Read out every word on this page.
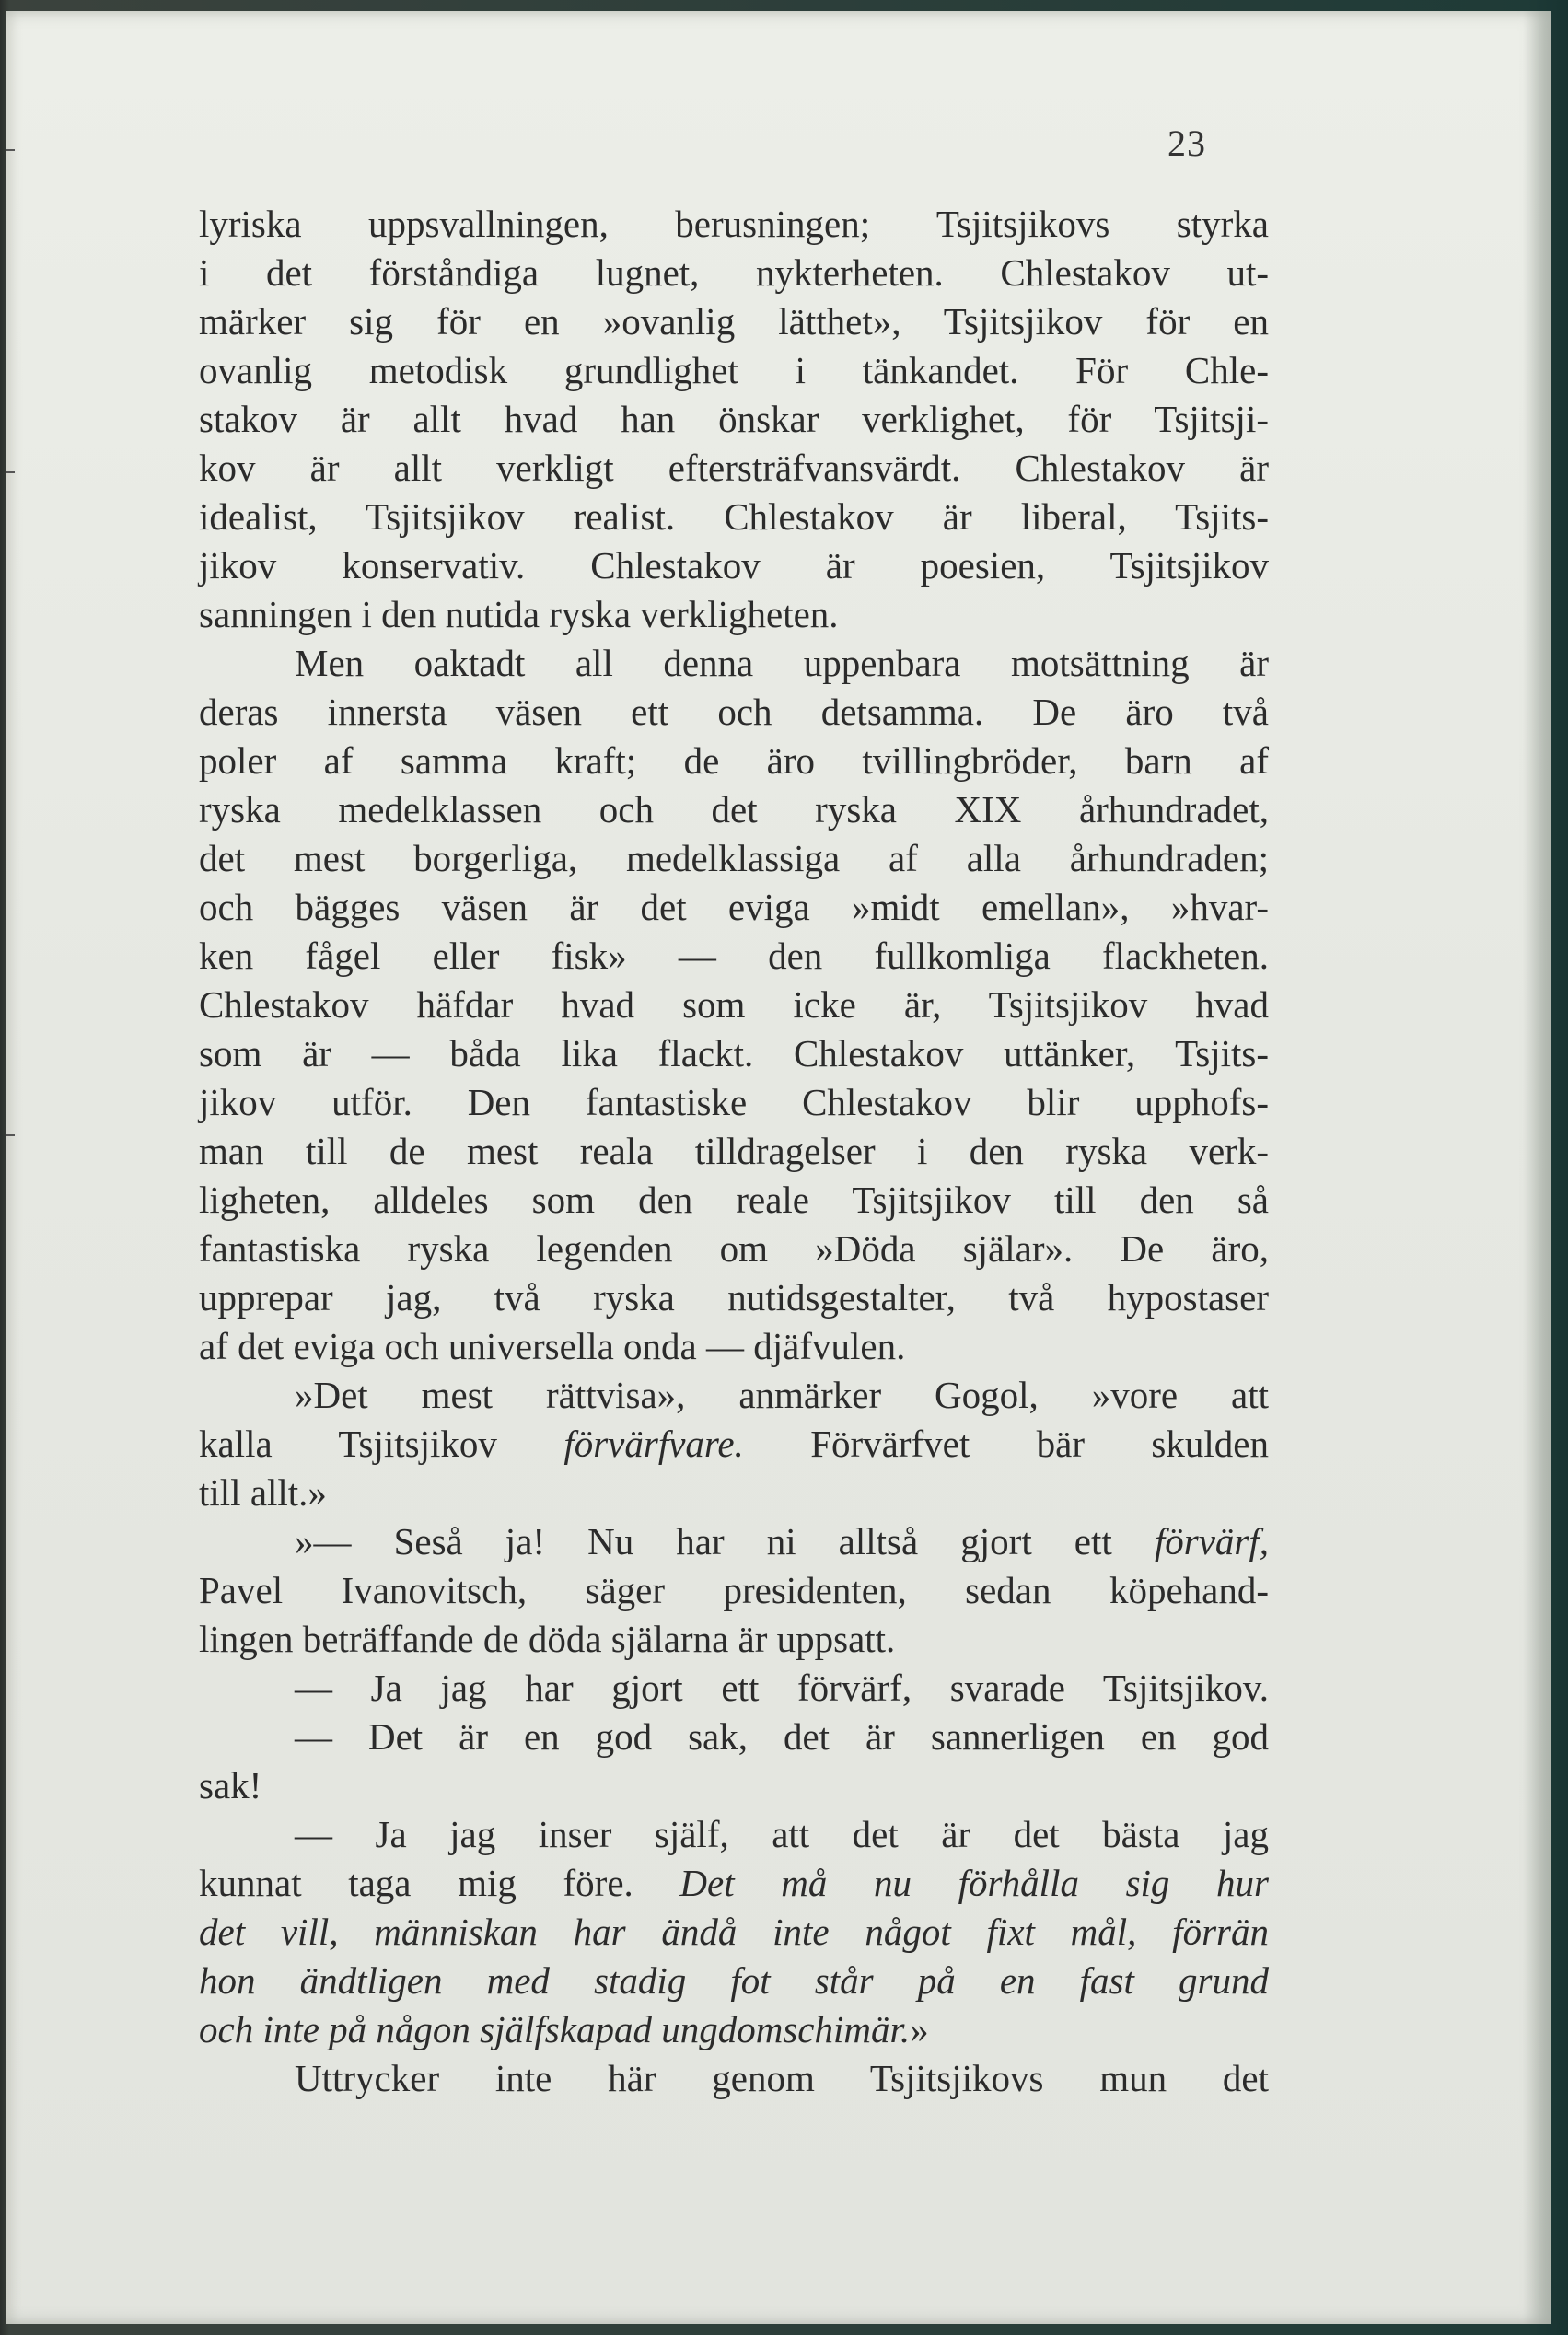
23
lyriska uppsvallningen, berusningen; Tsjitsjikovs styrka
i det förståndiga lugnet, nykterheten. Chlestakov ut-
märker sig för en »ovanlig lätthet», Tsjitsjikov för en
ovanlig metodisk grundlighet i tänkandet. För Chle-
stakov är allt hvad han önskar verklighet, för Tsjitsji-
kov är allt verkligt eftersträfvansvärdt. Chlestakov är
idealist, Tsjitsjikov realist. Chlestakov är liberal, Tsjits-
jikov konservativ. Chlestakov är poesien, Tsjitsjikov
sanningen i den nutida ryska verkligheten.
Men oaktadt all denna uppenbara motsättning är
deras innersta väsen ett och detsamma. De äro två
poler af samma kraft; de äro tvillingbröder, barn af
ryska medelklassen och det ryska XIX århundradet,
det mest borgerliga, medelklassiga af alla århundraden;
och bägges väsen är det eviga »midt emellan», »hvar-
ken fågel eller fisk» — den fullkomliga flackheten.
Chlestakov häfdar hvad som icke är, Tsjitsjikov hvad
som är — båda lika flackt. Chlestakov uttänker, Tsjits-
jikov utför. Den fantastiske Chlestakov blir upphofs-
man till de mest reala tilldragelser i den ryska verk-
ligheten, alldeles som den reale Tsjitsjikov till den så
fantastiska ryska legenden om »Döda själar». De äro,
upprepar jag, två ryska nutidsgestalter, två hypostaser
af det eviga och universella onda — djäfvulen.
»Det mest rättvisa», anmärker Gogol, »vore att
kalla Tsjitsjikov förvärfvare. Förvärfvet bär skulden
till allt.»
»— Seså ja! Nu har ni alltså gjort ett förvärf,
Pavel Ivanovitsch, säger presidenten, sedan köpehand-
lingen beträffande de döda själarna är uppsatt.
— Ja jag har gjort ett förvärf, svarade Tsjitsjikov.
— Det är en god sak, det är sannerligen en god
sak!
— Ja jag inser själf, att det är det bästa jag
kunnat taga mig före. Det må nu förhålla sig hur
det vill, människan har ändå inte något fixt mål, förrän
hon ändtligen med stadig fot står på en fast grund
och inte på någon själfskapad ungdomschimär.»
Uttrycker inte här genom Tsjitsjikovs mun det
